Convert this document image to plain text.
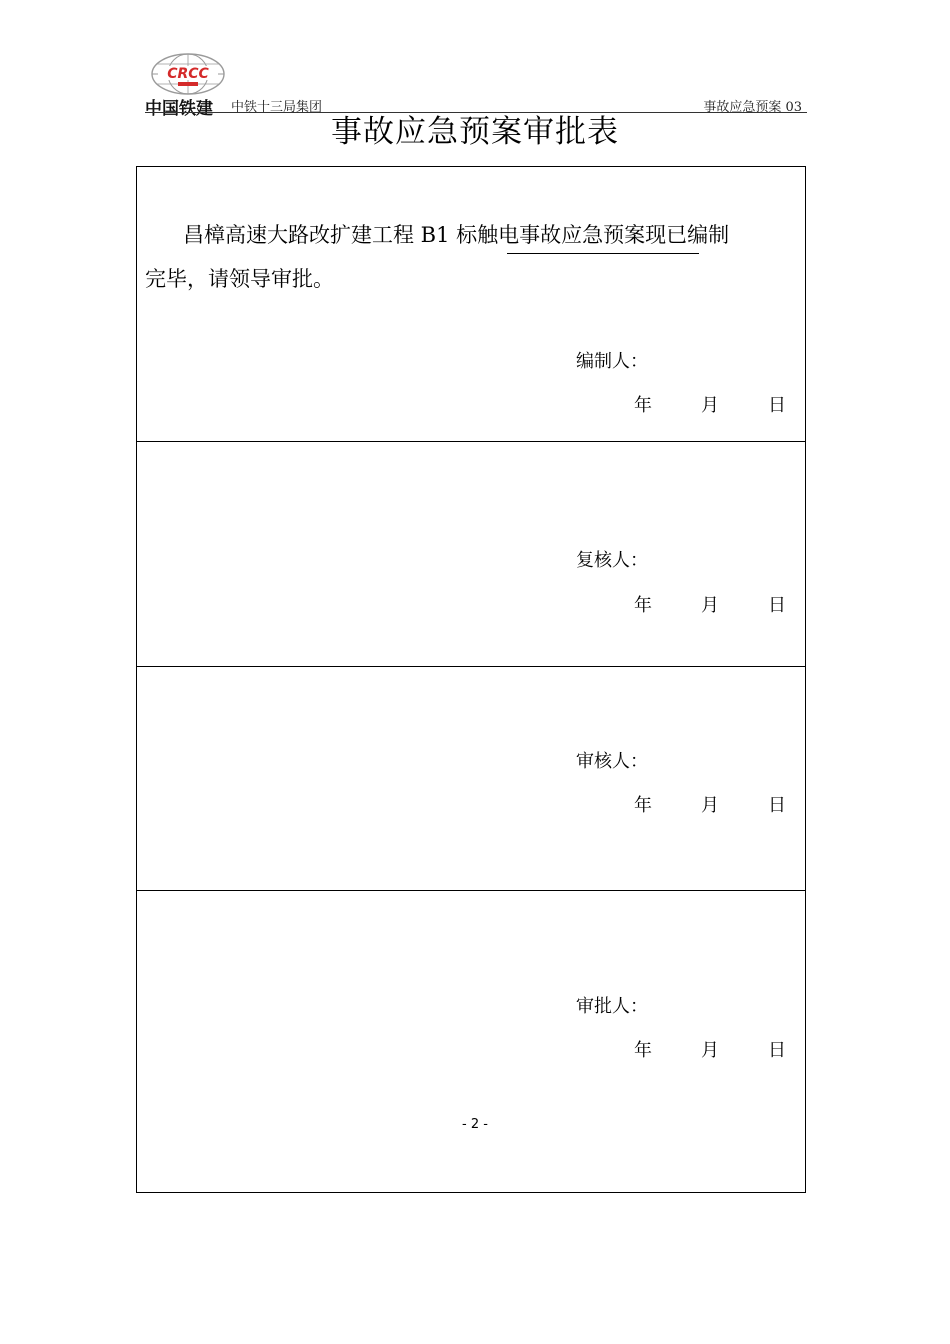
CRCC
中国铁建 中铁十三局集团	事故应急预案 03
事故应急预案审批表
昌樟高速大路改扩建工程 B1 标触电事故应急预案现已编制
完毕，请领导审批。
编制人：
年	月	日
复核人：
年	月	日
审核人：
年	月	日
审批人：
年	月	日
- 2 -
